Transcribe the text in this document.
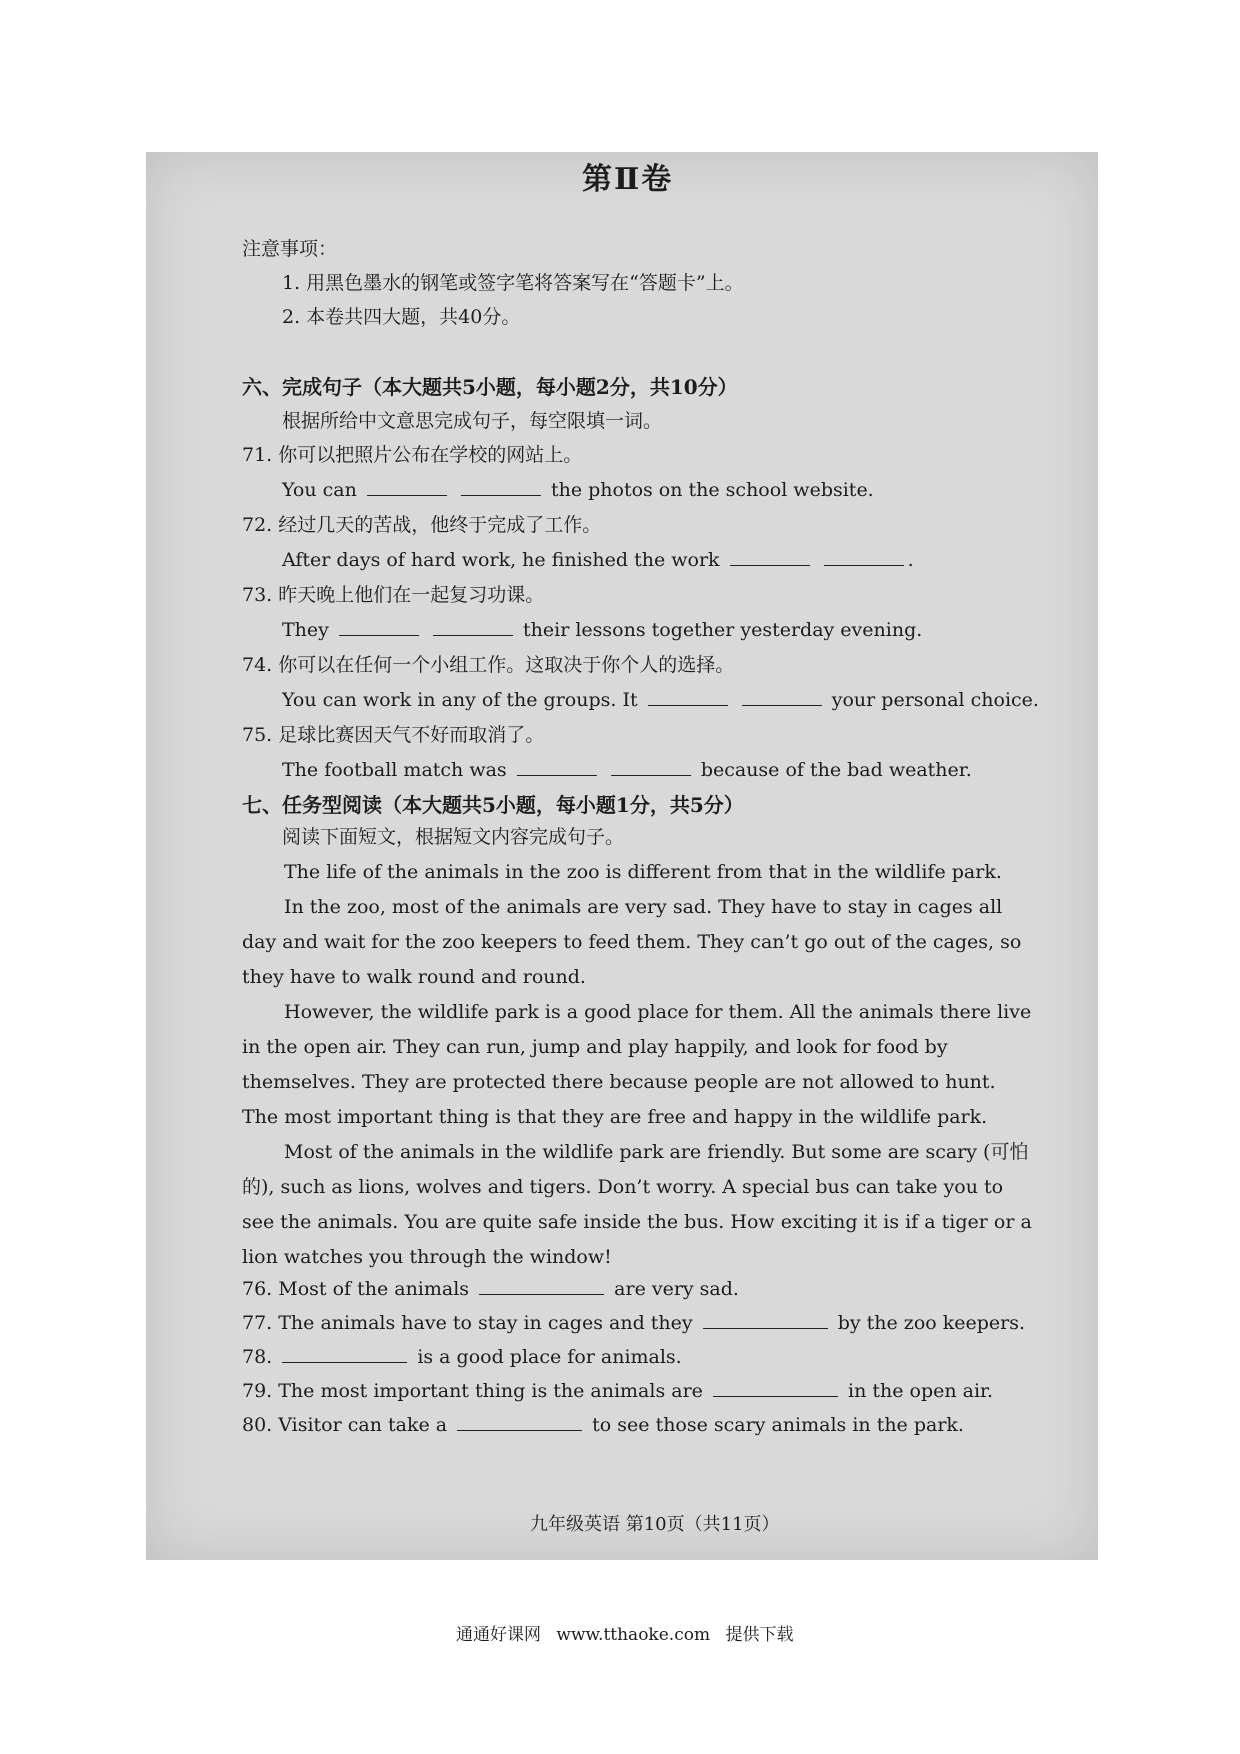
第Ⅱ卷
注意事项：
1. 用黑色墨水的钢笔或签字笔将答案写在“答题卡”上。
2. 本卷共四大题，共40分。
六、完成句子（本大题共5小题，每小题2分，共10分）
根据所给中文意思完成句子，每空限填一词。
71. 你可以把照片公布在学校的网站上。
You can	the photos on the school website.
72. 经过几天的苦战，他终于完成了工作。
After days of hard work, he finished the work	.
73. 昨天晚上他们在一起复习功课。
They	their lessons together yesterday evening.
74. 你可以在任何一个小组工作。这取决于你个人的选择。
You can work in any of the groups. It	your personal choice.
75. 足球比赛因天气不好而取消了。
The football match was	because of the bad weather.
七、任务型阅读（本大题共5小题，每小题1分，共5分）
阅读下面短文，根据短文内容完成句子。
The life of the animals in the zoo is different from that in the wildlife park.
In the zoo, most of the animals are very sad. They have to stay in cages all day and wait for the zoo keepers to feed them. They can’t go out of the cages, so they have to walk round and round.
However, the wildlife park is a good place for them. All the animals there live in the open air. They can run, jump and play happily, and look for food by themselves. They are protected there because people are not allowed to hunt. The most important thing is that they are free and happy in the wildlife park.
Most of the animals in the wildlife park are friendly. But some are scary (可怕的), such as lions, wolves and tigers. Don’t worry. A special bus can take you to see the animals. You are quite safe inside the bus. How exciting it is if a tiger or a lion watches you through the window!
76. Most of the animals	are very sad.
77. The animals have to stay in cages and they	by the zoo keepers.
78.	is a good place for animals.
79. The most important thing is the animals are	in the open air.
80. Visitor can take a	to see those scary animals in the park.
九年级英语 第10页（共11页）
通通好课网 www.tthaoke.com 提供下载
